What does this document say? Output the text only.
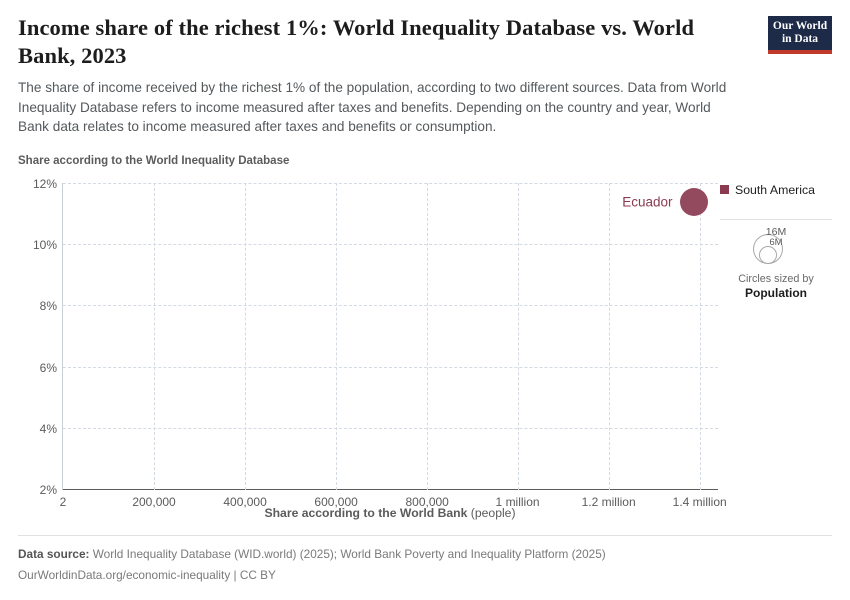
Income share of the richest 1%: World Inequality Database vs. World Bank, 2023

The share of income received by the richest 1% of the population, according to two different sources. Data from World Inequality Database refers to income measured after taxes and benefits. Depending on the country and year, World Bank data relates to income measured after taxes and benefits or consumption.

Our World
in Data
Share according to the World Inequality Database
12%
10%
8%
6%
4%
2%
2	200,000	400,000	600,000	800,000	1 million	1.2 million	1.4 million
Ecuador
South America
16M
6M
Circles sized by
Population
Share according to the World Bank (people)
Data source: World Inequality Database (WID.world) (2025); World Bank Poverty and Inequality Platform (2025)
OurWorldinData.org/economic-inequality | CC BY
